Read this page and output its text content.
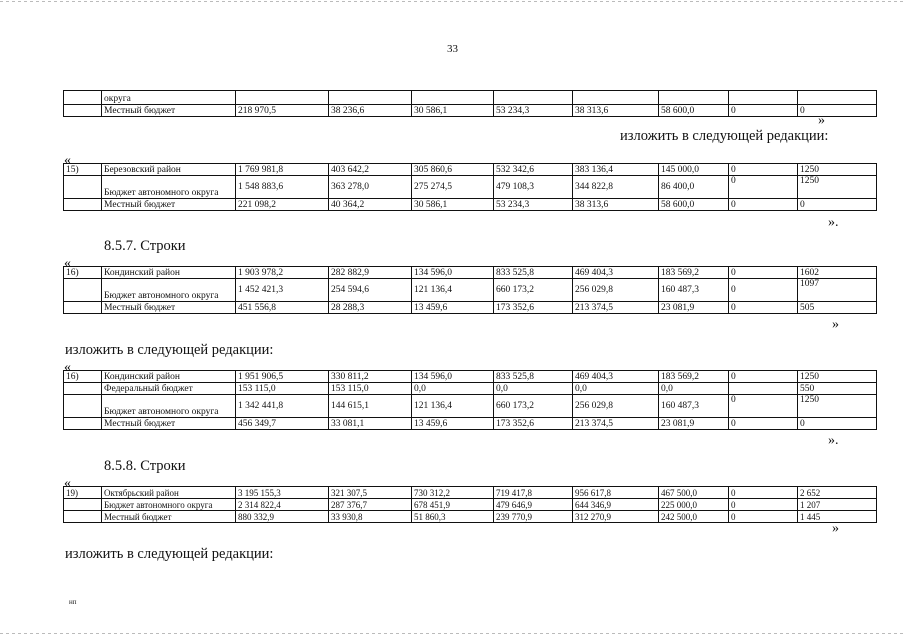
33
	округа								
	Местный бюджет	218 970,5	38 236,6	30 586,1	53 234,3	38 313,6	58 600,0	0	0
»
изложить в следующей редакции:
«
15)	Березовский район	1 769 981,8	403 642,2	305 860,6	532 342,6	383 136,4	145 000,0	0	1250
	Бюджет автономного округа	1 548 883,6	363 278,0	275 274,5	479 108,3	344 822,8	86 400,0	0	1250
	Местный бюджет	221 098,2	40 364,2	30 586,1	53 234,3	38 313,6	58 600,0	0	0
».
8.5.7. Строки
«
16)	Кондинский район	1 903 978,2	282 882,9	134 596,0	833 525,8	469 404,3	183 569,2	0	1602
	Бюджет автономного округа	1 452 421,3	254 594,6	121 136,4	660 173,2	256 029,8	160 487,3	0	1097
	Местный бюджет	451 556,8	28 288,3	13 459,6	173 352,6	213 374,5	23 081,9	0	505
»
изложить в следующей редакции:
«
16)	Кондинский район	1 951 906,5	330 811,2	134 596,0	833 525,8	469 404,3	183 569,2	0	1250
	Федеральный бюджет	153 115,0	153 115,0	0,0	0,0	0,0	0,0		550
	Бюджет автономного округа	1 342 441,8	144 615,1	121 136,4	660 173,2	256 029,8	160 487,3	0	1250
	Местный бюджет	456 349,7	33 081,1	13 459,6	173 352,6	213 374,5	23 081,9	0	0
».
8.5.8. Строки
«
19)	Октябрьский район	3 195 155,3	321 307,5	730 312,2	719 417,8	956 617,8	467 500,0	0	2 652
	Бюджет автономного округа	2 314 822,4	287 376,7	678 451,9	479 646,9	644 346,9	225 000,0	0	1 207
	Местный бюджет	880 332,9	33 930,8	51 860,3	239 770,9	312 270,9	242 500,0	0	1 445
»
изложить в следующей редакции:
нп
